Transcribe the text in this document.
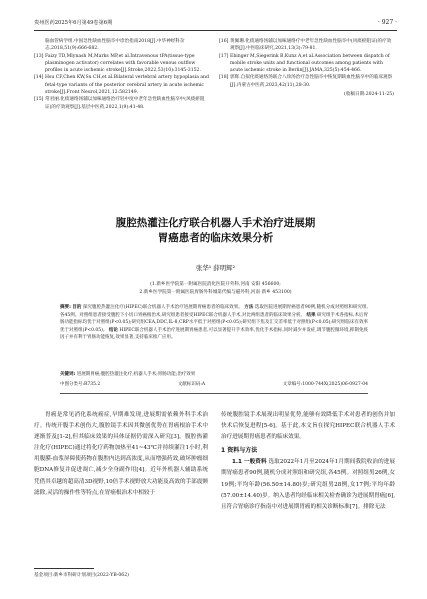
贵州医药2025年6月第49卷第6期	· 927 ·
脑血管病学组.中国急性缺血性脑卒中诊治指南2018[J].中华神经科杂志,2018,51(9):666-682.
[13] Faizy TD,Mlynash M,Marks MP,et al.Intravenous tPA(tissue-type plasminogen activator) correlates with favorable venous outflow profiles in acute ischemic stroke[J].Stroke,2022,53(10):3145-3152.
[14] Hsu CF,Chen KW,Su CH,et al.Bilateral vertebral artery hypoplasia and fetal-type variants of the posterior cerebral artery in acute ischemic stroke[J].Front Neurol,2021,12:582149.
[15] 常君丽.化痰通络汤辅以加味通络治疗轻中度中老年急性缺血性脑卒中(风痰瘀阻证)的疗效观察[J].基层中医药,2022,1(9):41-48.
[16] 黄佩珊.化痰通络汤辅以加味通络疗中老年急性缺血性脑卒中(风痰瘀阻证)的疗效观察[J].中医临床研究,2021,13(3):79-81.
[17] Ebinger M,Siegerink B,Kunz A,et al.Association between dispatch of mobile stroke units and functional outcomes among patients with acute ischemic stroke in Berlin[J].JAMA,325(5):454-466.
[18] 郭辉.自拟化痰通络汤联合八珍汤治疗急性脑卒中恢复期缺血性脑卒中的临床观察[J].内蒙古中医药,2023,42(11),28-30.
(收稿日期:2024-11-25)
腹腔热灌注化疗联合机器人手术治疗进展期
胃癌患者的临床效果分析
张华¹ 薛明辉²
(1.新乡医学院第一附属医院消化医院开外科,河南 安阳 456600;
2.新乡医学院第一附属医院胃肠外科城第代编与磁外科,河南 新乡 453100)
摘要: 目的 探究腹腔热灌注化疗(HIPEC)联合机器人手术治疗进展期胃癌患者的临床效果。 方法 选取医院进展期胃癌患者90例,随机分成对照组和研究组,各45例。对照组患者接受腹腔下小切口胃癌根治术,研究组患者接受HIPEC联合机器人手术,对比两组患者的临床效果分析。 结果 研究组手术各指标,术后胃肠功能指标均优于对照组(P<0.05);研究组CEA,DDC,IL-8,CRP水平低于对照组(P<0.05);研究组下焦及汇交差率低于对照组(P<0.05);研究组临床有效率优于对照组(P<0.05)。 结论 HIPEC联合机器人手术治疗进展期胃癌患者,可以显著提升手术效率,优化手术指标,同时减少并发症,调节腹腔微环境,抑制免疫因子并有利于胃肠功能恢复,效果显著,支持临床推广应用。
关键词: 进展期胃癌;腹腔热灌注化疗;机器人手术;胃肠功能;治疗效果
中图分类号:R735.2	文献标识码:A	文章编号:1000-744X(2025)06-0927-04

胃癌是常见消化系统癌症,早期难发现,进展期需依赖外科手术治疗。传统开腹手术创伤大,腹腔镜手术因其微创优势在胃癌根治手术中逐渐普及[1-2],但其临床效果的具体证据仍需深入研究[3]。腹腔热灌注化疗(HIPEC)通过将化疗药物加热至41~43℃并持续灌注1小时,利用腹膜-血浆屏障使药物在腹腔内达到高浓度,从而增强药效,破坏肿瘤细胞DNA修复并促进凋亡,减少全身副作用[4]。近年外机器人辅助系统凭借其卓越的超高清3D视野,10倍手术视野放大功能及高效的手部震颤滤除,灵活的操作性等特点,在胃癌根治术中相较于

传统腹腔镜手术展现出明显优势,能够有效降低手术对患者的创伤并加快术后恢复进程[5-6]。基于此,本文旨在探究HIPEC联合机器人手术治疗进展期胃癌患者的临床效果。

1 资料与方法

1.1 一般资料 选取2022年1月至2024年1月期间我院收治的进展期胃癌患者90例,随机分成对照组和研究组,各45例。对照组男26例,女19例;平均年龄(56.50±14.80)岁;研究组男28例,女17例;平均年龄(57.00±14.40)岁。纳入患者均经临床相关检查确诊为进展期胃癌[6],且符合胃癌诊疗指南中对进展期胃癌的相关诊断标准[7]。排除无法

基金项目:新乡市科研计划项目(2022-YB-062)
